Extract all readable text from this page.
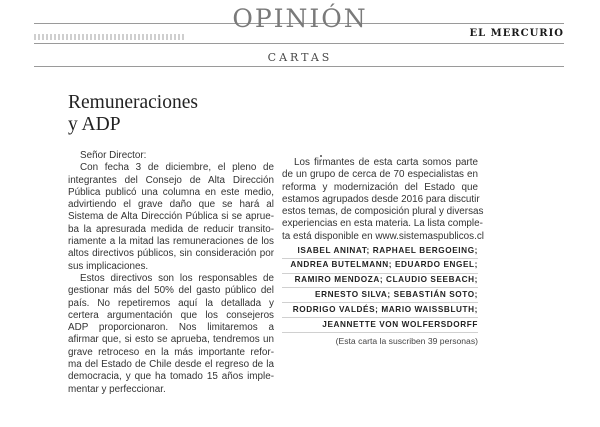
OPINIÓN
EL MERCURIO
CARTAS
Remuneraciones
y ADP
Señor Director:
Con fecha 3 de diciembre, el pleno de
integrantes del Consejo de Alta Dirección
Pública publicó una columna en este medio,
advirtiendo el grave daño que se hará al
Sistema de Alta Dirección Pública si se aprue-
ba la apresurada medida de reducir transito-
riamente a la mitad las remuneraciones de los
altos directivos públicos, sin consideración por
sus implicaciones.
Estos directivos son los responsables de
gestionar más del 50% del gasto público del
país. No repetiremos aquí la detallada y
certera argumentación que los consejeros
ADP proporcionaron. Nos limitaremos a
afirmar que, si esto se aprueba, tendremos un
grave retroceso en la más importante refor-
ma del Estado de Chile desde el regreso de la
democracia, y que ha tomado 15 años imple-
mentar y perfeccionar.
Los firmantes de esta carta somos parte
de un grupo de cerca de 70 especialistas en
reforma y modernización del Estado que
estamos agrupados desde 2016 para discutir
estos temas, de composición plural y diversas
experiencias en esta materia. La lista comple-
ta está disponible en www.sistemaspublicos.cl
ISABEL ANINAT; RAPHAEL BERGOEING;
ANDREA BUTELMANN; EDUARDO ENGEL;
RAMIRO MENDOZA; CLAUDIO SEEBACH;
ERNESTO SILVA; SEBASTIÁN SOTO;
RODRIGO VALDÉS; MARIO WAISSBLUTH;
JEANNETTE VON WOLFERSDORFF
(Esta carta la suscriben 39 personas)
